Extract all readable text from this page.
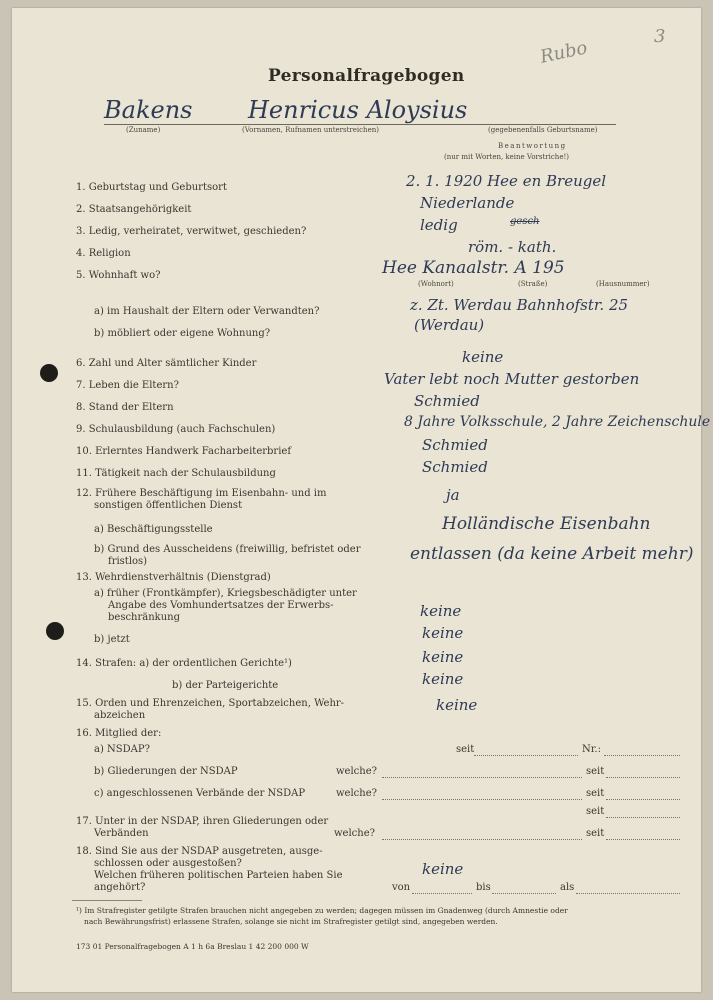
Rubo
3
Personalfragebogen
Bakens Henricus Aloysius
(Zuname)	(Vornamen, Rufnamen unterstreichen)	(gegebenenfalls Geburtsname)
Beantwortung
(nur mit Worten, keine Vorstriche!)
1. Geburtstag und Geburtsort	2. 1. 1920 Hee en Breugel
2. Staatsangehörigkeit	Niederlande
3. Ledig, verheiratet, verwitwet, geschieden?	ledig	gesch
4. Religion	röm. - kath.
5. Wohnhaft wo?	Hee Kanaalstr. A 195
(Wohnort)	(Straße)	(Hausnummer)
a) im Haushalt der Eltern oder Verwandten?	z. Zt. Werdau Bahnhofstr. 25
(Werdau)
b) möbliert oder eigene Wohnung?
6. Zahl und Alter sämtlicher Kinder	keine
7. Leben die Eltern?	Vater lebt noch Mutter gestorben
8. Stand der Eltern	Schmied
9. Schulausbildung (auch Fachschulen)	8 Jahre Volksschule, 2 Jahre Zeichenschule
10. Erlerntes Handwerk Facharbeiterbrief	Schmied
11. Tätigkeit nach der Schulausbildung	Schmied
12. Frühere Beschäftigung im Eisenbahn- und im
sonstigen öffentlichen Dienst
ja
a) Beschäftigungsstelle	Holländische Eisenbahn
b) Grund des Ausscheidens (freiwillig, befristet oder
fristlos)	entlassen (da keine Arbeit mehr)
13. Wehrdienstverhältnis (Dienstgrad)
a) früher (Frontkämpfer), Kriegsbeschädigter unter
Angabe des Vomhundertsatzes der Erwerbs-
beschränkung	keine
b) jetzt	keine
14. Strafen: a) der ordentlichen Gerichte¹)	keine
b) der Parteigerichte	keine
15. Orden und Ehrenzeichen, Sportabzeichen, Wehr-
abzeichen
keine
16. Mitglied der:
a) NSDAP?	seit	Nr.:
b) Gliederungen der NSDAP	welche?	seit
c) angeschlossenen Verbände der NSDAP	welche?	seit
17. Unter in der NSDAP, ihren Gliederungen oder
Verbänden	welche?
seit
seit
18. Sind Sie aus der NSDAP ausgetreten, ausge-
schlossen oder ausgestoßen?
Welchen früheren politischen Parteien haben Sie
angehört?
keine
von	bis	als
¹) Im Strafregister getilgte Strafen brauchen nicht angegeben zu werden; dagegen müssen im Gnadenweg (durch Amnestie oder
nach Bewährungsfrist) erlassene Strafen, solange sie nicht im Strafregister getilgt sind, angegeben werden.
173 01 Personalfragebogen A 1 h 6a Breslau 1 42 200 000 W
